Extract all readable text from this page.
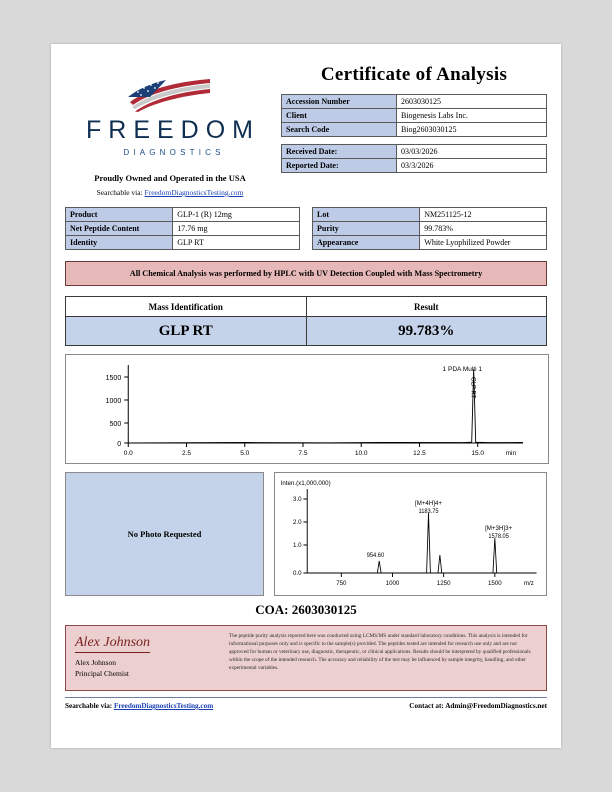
FREEDOM
DIAGNOSTICS
Proudly Owned and Operated in the USA
Searchable via: FreedomDiagnosticsTesting.com
Certificate of Analysis
Accession Number	2603030125
Client	Biogenesis Labs Inc.
Search Code	Biog2603030125

Received Date:	03/03/2026
Reported Date:	03/3/2026
Product	GLP-1 (R) 12mg
Net Peptide Content	17.76 mg
Identity	GLP RT
Lot	NM251125-12
Purity	99.783%
Appearance	White Lyophilized Powder
All Chemical Analysis was performed by HPLC with UV Detection Coupled with Mass Spectrometry
Mass Identification	Result
GLP RT	99.783%
0
500
1000
1500
0.0	2.5	5.0	7.5	10.0	12.5	15.0	min
1 PDA Multi 1
GLP RT
No Photo Requested
Inten.(x1,000,000)
0.0
1.0
2.0
3.0
750	1000	1250	1500	m/z
954.60
[M+4H]4+
1183.75
[M+3H]3+
1578.05
COA: 2603030125
Alex Johnson
Alex Johnson
Principal Chemist
The peptide purity analysis reported here was conducted using LCMS/MS under standard laboratory conditions. This analysis is intended for informational purposes only and is specific to the sample(s) provided. The peptides tested are intended for research use only and are not approved for human or veterinary use, diagnostic, therapeutic, or clinical applications. Results should be interpreted by qualified professionals within the scope of the intended research. The accuracy and reliability of the test may be influenced by sample integrity, handling, and other experimental variables.
Searchable via: FreedomDiagnosticsTesting.com	Contact at: Admin@FreedomDiagnostics.net
